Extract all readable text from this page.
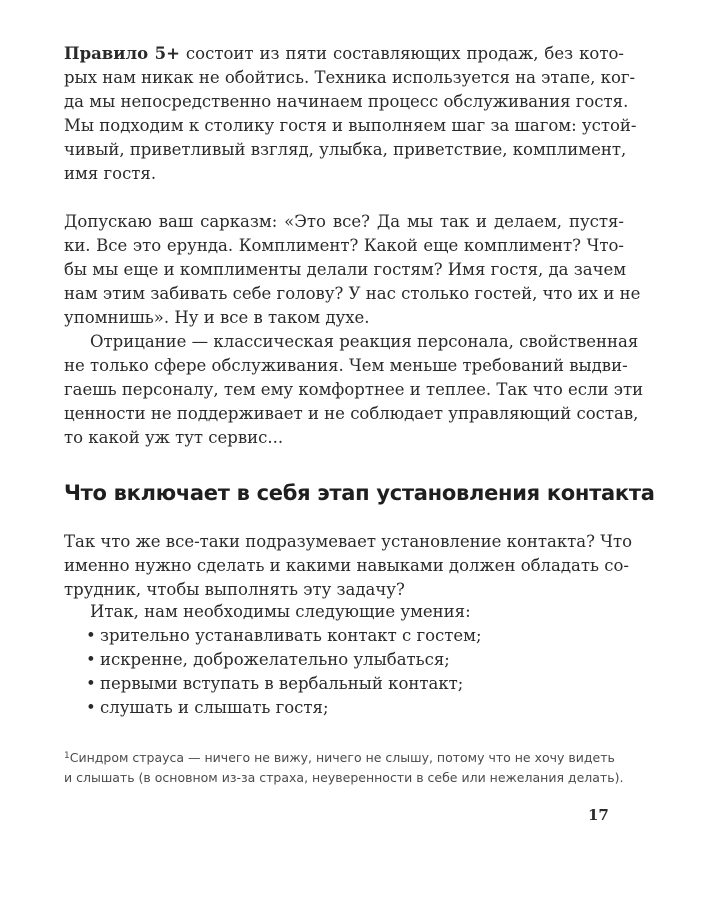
Правило 5+ состоит из пяти составляющих продаж, без кото-
рых нам никак не обойтись. Техника используется на этапе, ког-
да мы непосредственно начинаем процесс обслуживания гостя.
Мы подходим к столику гостя и выполняем шаг за шагом: устой-
чивый, приветливый взгляд, улыбка, приветствие, комплимент,
имя гостя.

Допускаю ваш сарказм: «Это все? Да мы так и делаем, пустя-
ки. Все это ерунда. Комплимент? Какой еще комплимент? Что-
бы мы еще и комплименты делали гостям? Имя гостя, да зачем
нам этим забивать себе голову? У нас столько гостей, что их и не
упомнишь». Ну и все в таком духе.

Отрицание — классическая реакция персонала, свойственная
не только сфере обслуживания. Чем меньше требований выдви-
гаешь персоналу, тем ему комфортнее и теплее. Так что если эти
ценности не поддерживает и не соблюдает управляющий состав,
то какой уж тут сервис...

Что включает в себя этап установления контакта

Так что же все-таки подразумевает установление контакта? Что
именно нужно сделать и какими навыками должен обладать со-
трудник, чтобы выполнять эту задачу?

Итак, нам необходимы следующие умения:

• зрительно устанавливать контакт с гостем;
• искренне, доброжелательно улыбаться;
• первыми вступать в вербальный контакт;
• слушать и слышать гостя;

$^1$Синдром страуса — ничего не вижу, ничего не слышу, потому что не хочу видеть
и слышать (в основном из-за страха, неуверенности в себе или нежелания делать).

17
